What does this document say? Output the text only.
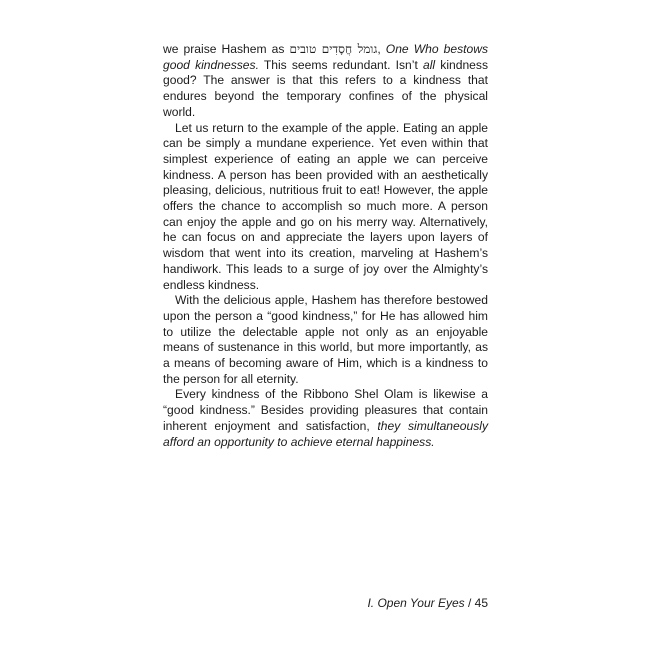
we praise Hashem as גומל חֲסָדִים טובים, One Who bestows good kindnesses. This seems redundant. Isn’t all kindness good? The answer is that this refers to a kindness that endures beyond the temporary confines of the physical world.

Let us return to the example of the apple. Eating an apple can be simply a mundane experience. Yet even within that simplest experience of eating an apple we can perceive kindness. A person has been provided with an aesthetically pleasing, delicious, nutritious fruit to eat! However, the apple offers the chance to accomplish so much more. A person can enjoy the apple and go on his merry way. Alternatively, he can focus on and appreciate the layers upon layers of wisdom that went into its creation, marveling at Hashem’s handiwork. This leads to a surge of joy over the Almighty’s endless kindness.

With the delicious apple, Hashem has therefore bestowed upon the person a “good kindness,” for He has allowed him to utilize the delectable apple not only as an enjoyable means of sustenance in this world, but more importantly, as a means of becoming aware of Him, which is a kindness to the person for all eternity.

Every kindness of the Ribbono Shel Olam is likewise a “good kindness.” Besides providing pleasures that contain inherent enjoyment and satisfaction, they simultaneously afford an opportunity to achieve eternal happiness.

I. Open Your Eyes / 45
